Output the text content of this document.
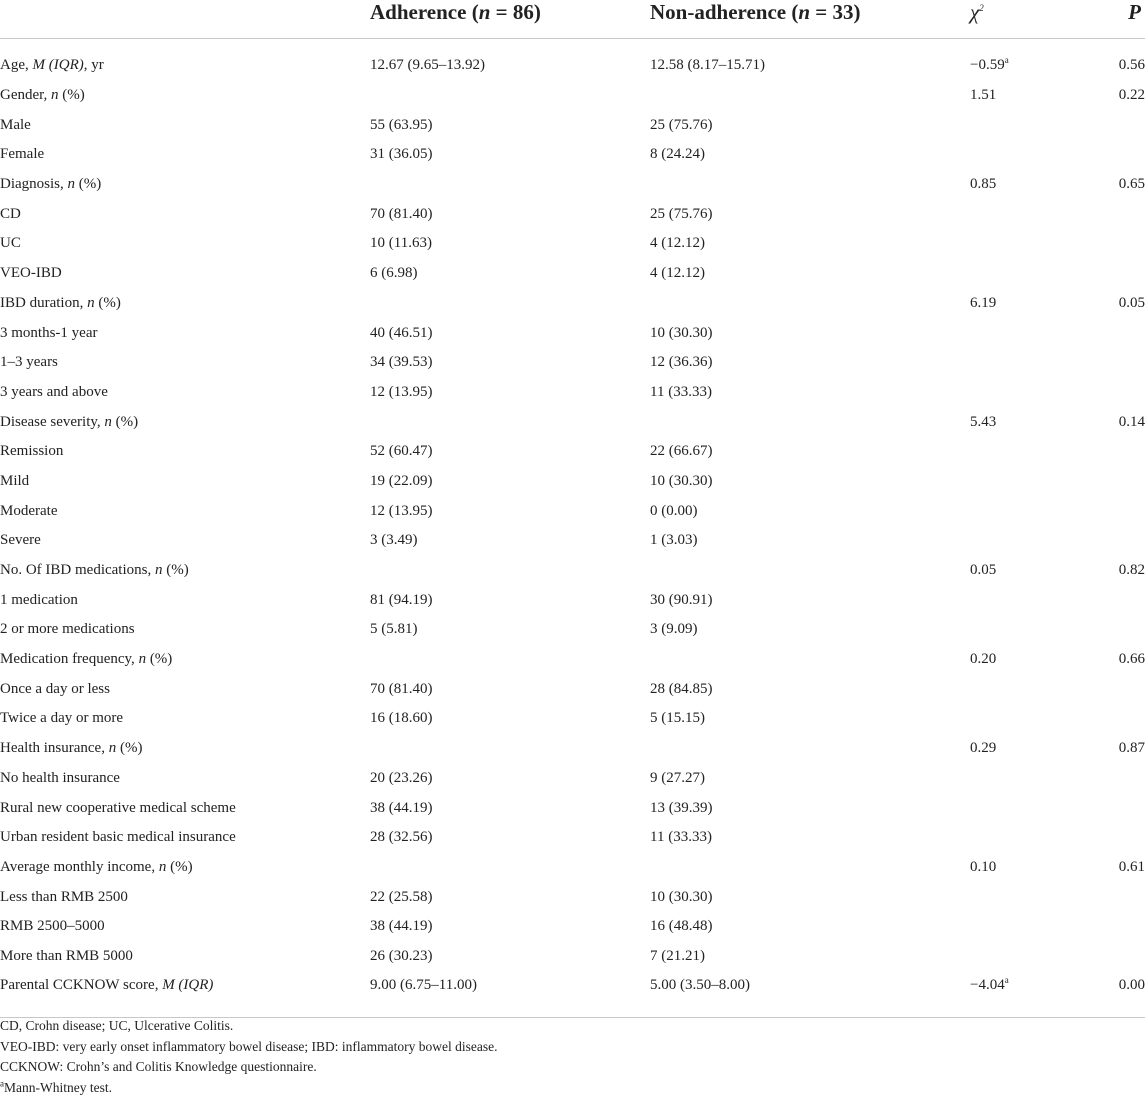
	Adherence (n = 86)	Non-adherence (n = 33)	$\chi^2$	P

Age, M (IQR), yr	12.67 (9.65–13.92)	12.58 (8.17–15.71)	−0.59$^a$	0.56
Gender, n (%)			1.51	0.22
Male	55 (63.95)	25 (75.76)		
Female	31 (36.05)	8 (24.24)		
Diagnosis, n (%)			0.85	0.65
CD	70 (81.40)	25 (75.76)		
UC	10 (11.63)	4 (12.12)		
VEO-IBD	6 (6.98)	4 (12.12)		
IBD duration, n (%)			6.19	0.05
3 months-1 year	40 (46.51)	10 (30.30)		
1–3 years	34 (39.53)	12 (36.36)		
3 years and above	12 (13.95)	11 (33.33)		
Disease severity, n (%)			5.43	0.14
Remission	52 (60.47)	22 (66.67)		
Mild	19 (22.09)	10 (30.30)		
Moderate	12 (13.95)	0 (0.00)		
Severe	3 (3.49)	1 (3.03)		
No. Of IBD medications, n (%)			0.05	0.82
1 medication	81 (94.19)	30 (90.91)		
2 or more medications	5 (5.81)	3 (9.09)		
Medication frequency, n (%)			0.20	0.66
Once a day or less	70 (81.40)	28 (84.85)		
Twice a day or more	16 (18.60)	5 (15.15)		
Health insurance, n (%)			0.29	0.87
No health insurance	20 (23.26)	9 (27.27)		
Rural new cooperative medical scheme	38 (44.19)	13 (39.39)		
Urban resident basic medical insurance	28 (32.56)	11 (33.33)		
Average monthly income, n (%)			0.10	0.61
Less than RMB 2500	22 (25.58)	10 (30.30)		
RMB 2500–5000	38 (44.19)	16 (48.48)		
More than RMB 5000	26 (30.23)	7 (21.21)		
Parental CCKNOW score, M (IQR)	9.00 (6.75–11.00)	5.00 (3.50–8.00)	−4.04$^a$	0.00
CD, Crohn disease; UC, Ulcerative Colitis.
VEO-IBD: very early onset inflammatory bowel disease; IBD: inflammatory bowel disease.
CCKNOW: Crohn’s and Colitis Knowledge questionnaire.
$^a$Mann-Whitney test.
